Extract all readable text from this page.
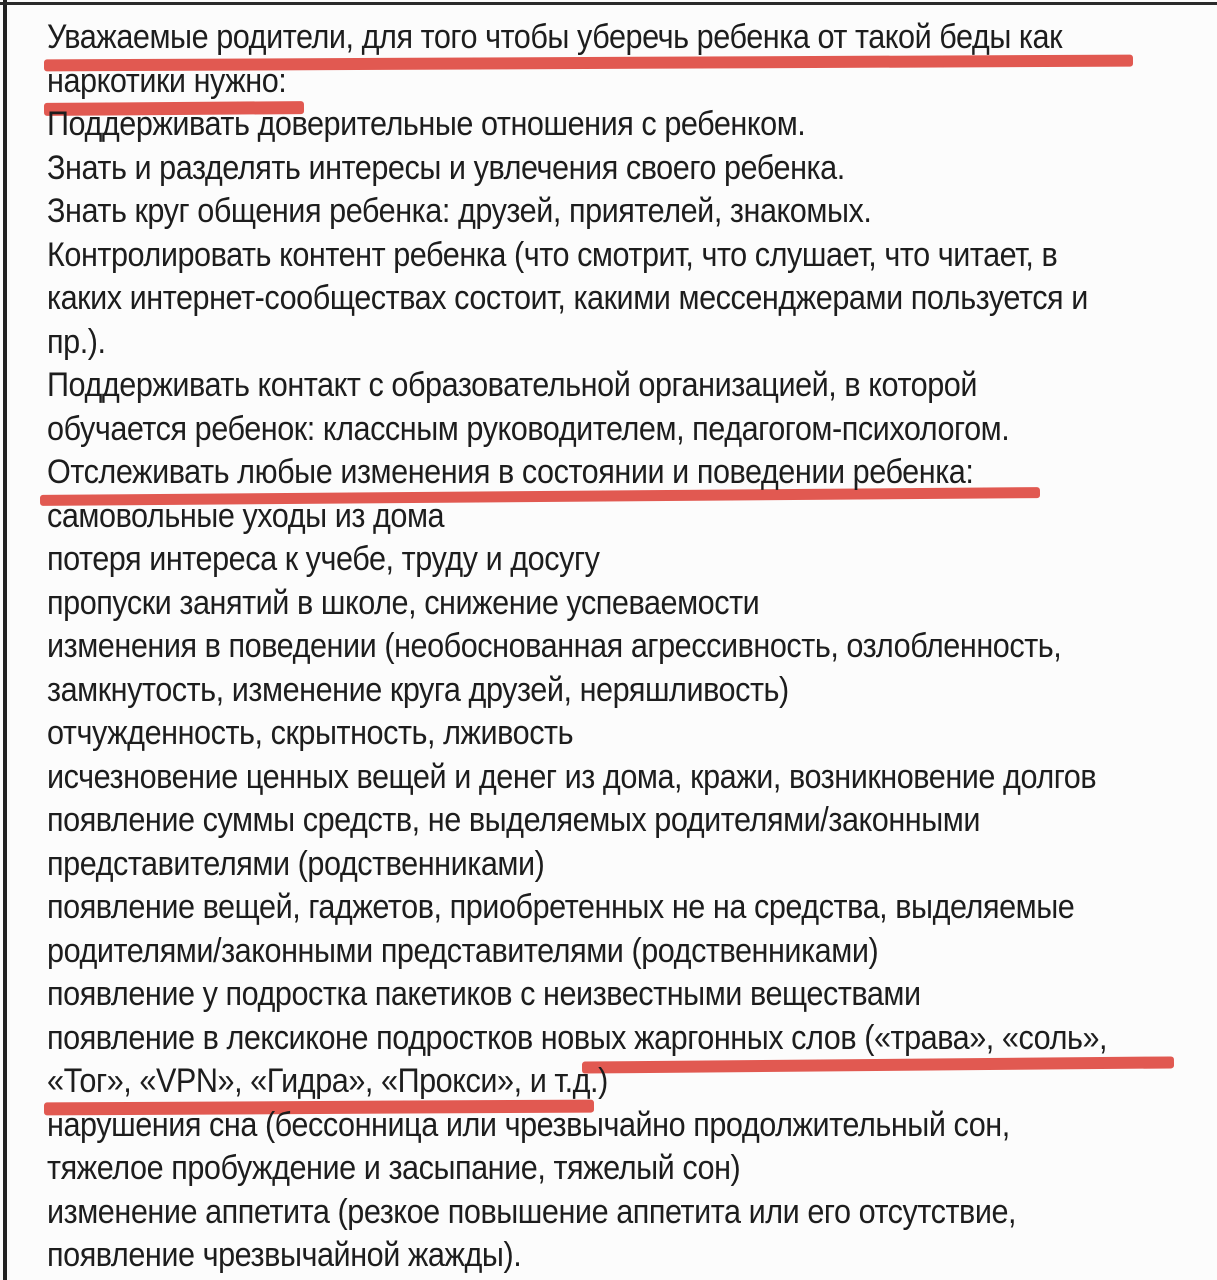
Уважаемые родители, для того чтобы уберечь ребенка от такой беды как
наркотики нужно:
Поддерживать доверительные отношения с ребенком.
Знать и разделять интересы и увлечения своего ребенка.
Знать круг общения ребенка: друзей, приятелей, знакомых.
Контролировать контент ребенка (что смотрит, что слушает, что читает, в
каких интернет-сообществах состоит, какими мессенджерами пользуется и
пр.).
Поддерживать контакт с образовательной организацией, в которой
обучается ребенок: классным руководителем, педагогом-психологом.
Отслеживать любые изменения в состоянии и поведении ребенка:
самовольные уходы из дома
потеря интереса к учебе, труду и досугу
пропуски занятий в школе, снижение успеваемости
изменения в поведении (необоснованная агрессивность, озлобленность,
замкнутость, изменение круга друзей, неряшливость)
отчужденность, скрытность, лживость
исчезновение ценных вещей и денег из дома, кражи, возникновение долгов
появление суммы средств, не выделяемых родителями/законными
представителями (родственниками)
появление вещей, гаджетов, приобретенных не на средства, выделяемые
родителями/законными представителями (родственниками)
появление у подростка пакетиков с неизвестными веществами
появление в лексиконе подростков новых жаргонных слов («трава», «соль»,
«Тог», «VPN», «Гидра», «Прокси», и т.д.)
нарушения сна (бессонница или чрезвычайно продолжительный сон,
тяжелое пробуждение и засыпание, тяжелый сон)
изменение аппетита (резкое повышение аппетита или его отсутствие,
появление чрезвычайной жажды).
